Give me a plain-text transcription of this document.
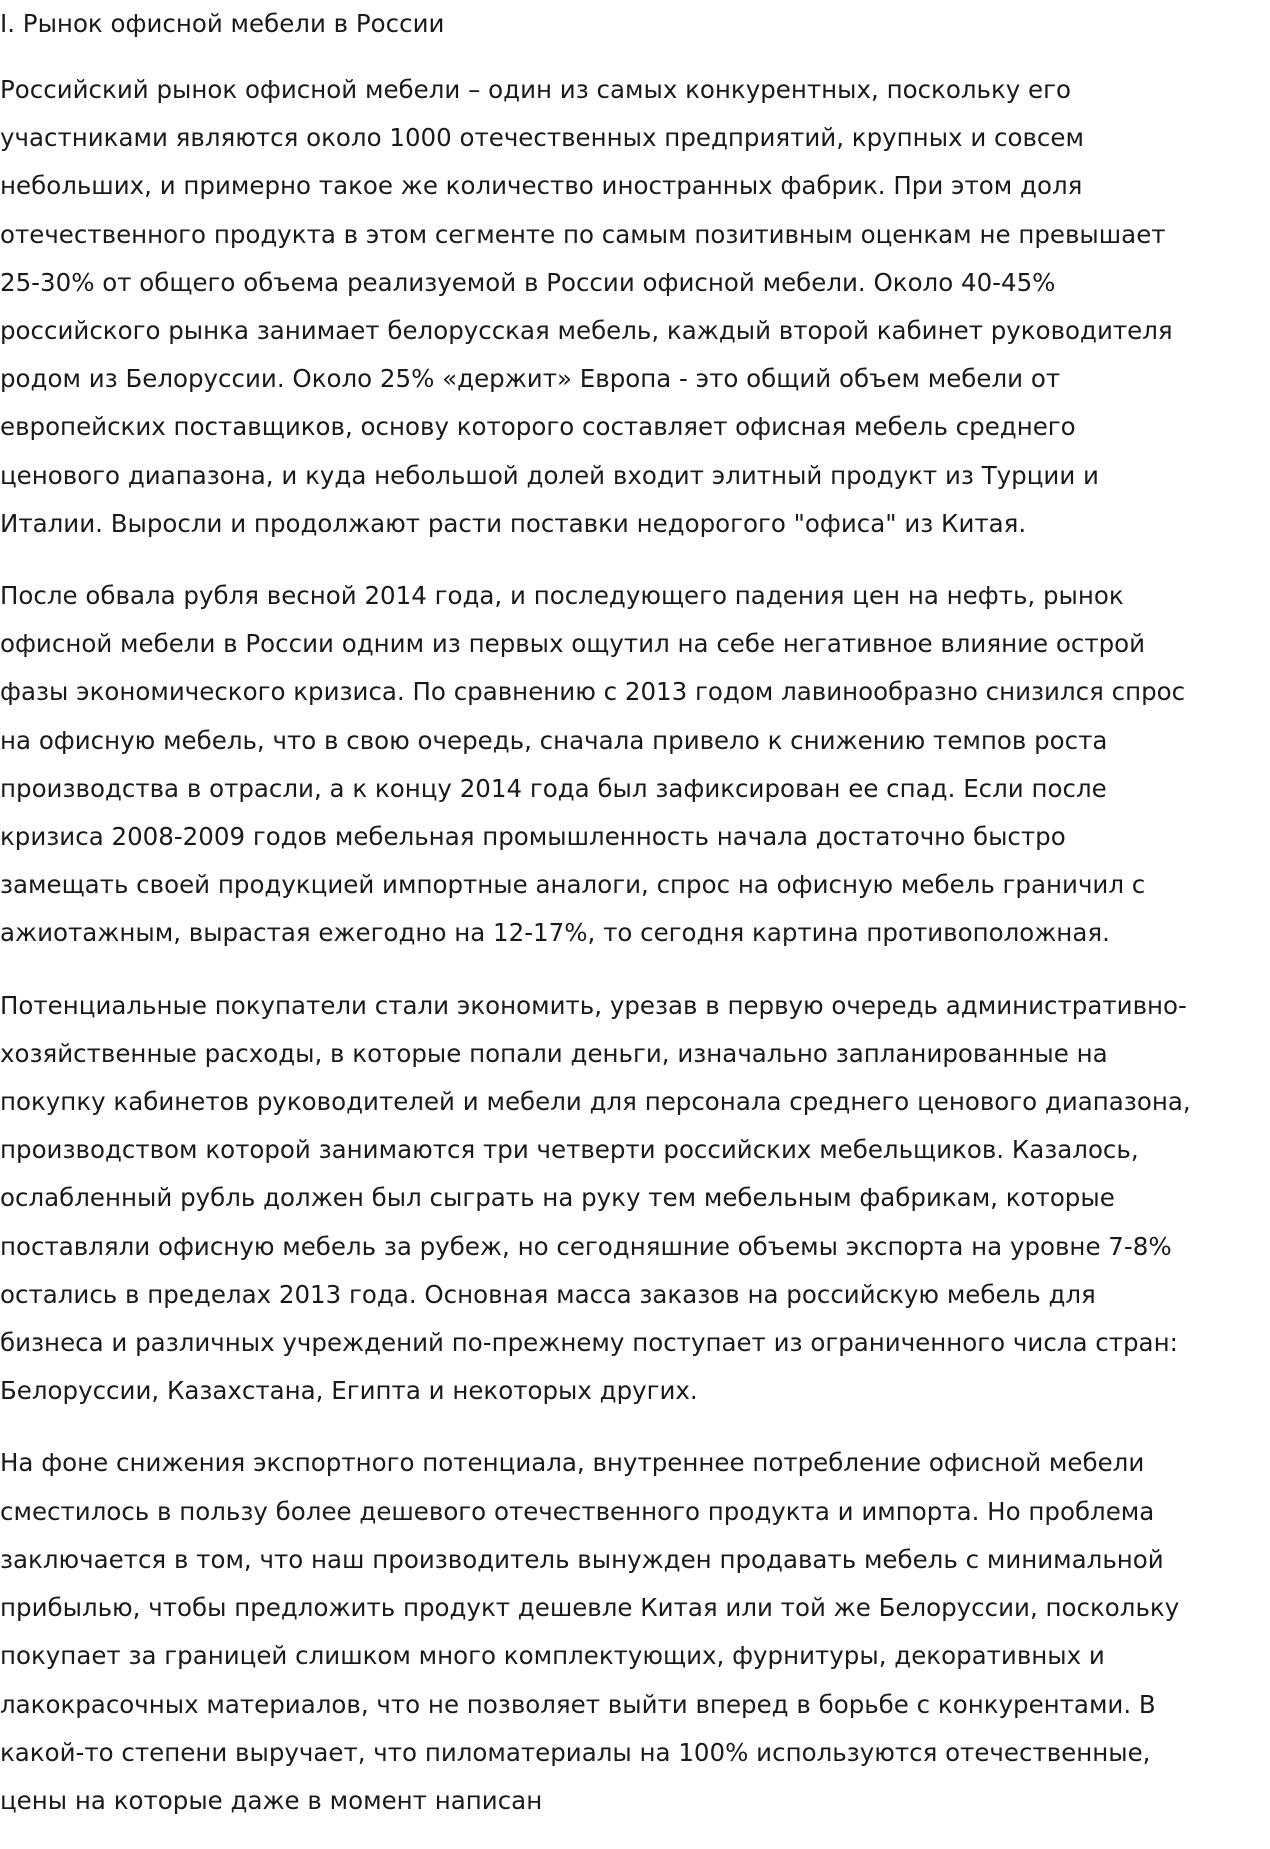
I. Рынок офисной мебели в России

Российский рынок офисной мебели – один из самых конкурентных, поскольку его
участниками являются около 1000 отечественных предприятий, крупных и совсем
небольших, и примерно такое же количество иностранных фабрик. При этом доля
отечественного продукта в этом сегменте по самым позитивным оценкам не превышает
25-30% от общего объема реализуемой в России офисной мебели. Около 40-45%
российского рынка занимает белорусская мебель, каждый второй кабинет руководителя
родом из Белоруссии. Около 25% «держит» Европа - это общий объем мебели от
европейских поставщиков, основу которого составляет офисная мебель среднего
ценового диапазона, и куда небольшой долей входит элитный продукт из Турции и
Италии. Выросли и продолжают расти поставки недорогого "офиса" из Китая.

После обвала рубля весной 2014 года, и последующего падения цен на нефть, рынок
офисной мебели в России одним из первых ощутил на себе негативное влияние острой
фазы экономического кризиса. По сравнению с 2013 годом лавинообразно снизился спрос
на офисную мебель, что в свою очередь, сначала привело к снижению темпов роста
производства в отрасли, а к концу 2014 года был зафиксирован ее спад. Если после
кризиса 2008-2009 годов мебельная промышленность начала достаточно быстро
замещать своей продукцией импортные аналоги, спрос на офисную мебель граничил с
ажиотажным, вырастая ежегодно на 12-17%, то сегодня картина противоположная.

Потенциальные покупатели стали экономить, урезав в первую очередь административно-
хозяйственные расходы, в которые попали деньги, изначально запланированные на
покупку кабинетов руководителей и мебели для персонала среднего ценового диапазона,
производством которой занимаются три четверти российских мебельщиков. Казалось,
ослабленный рубль должен был сыграть на руку тем мебельным фабрикам, которые
поставляли офисную мебель за рубеж, но сегодняшние объемы экспорта на уровне 7-8%
остались в пределах 2013 года. Основная масса заказов на российскую мебель для
бизнеса и различных учреждений по-прежнему поступает из ограниченного числа стран:
Белоруссии, Казахстана, Египта и некоторых других.

На фоне снижения экспортного потенциала, внутреннее потребление офисной мебели
сместилось в пользу более дешевого отечественного продукта и импорта. Но проблема
заключается в том, что наш производитель вынужден продавать мебель с минимальной
прибылью, чтобы предложить продукт дешевле Китая или той же Белоруссии, поскольку
покупает за границей слишком много комплектующих, фурнитуры, декоративных и
лакокрасочных материалов, что не позволяет выйти вперед в борьбе с конкурентами. В
какой-то степени выручает, что пиломатериалы на 100% используются отечественные,
цены на которые даже в момент написан
